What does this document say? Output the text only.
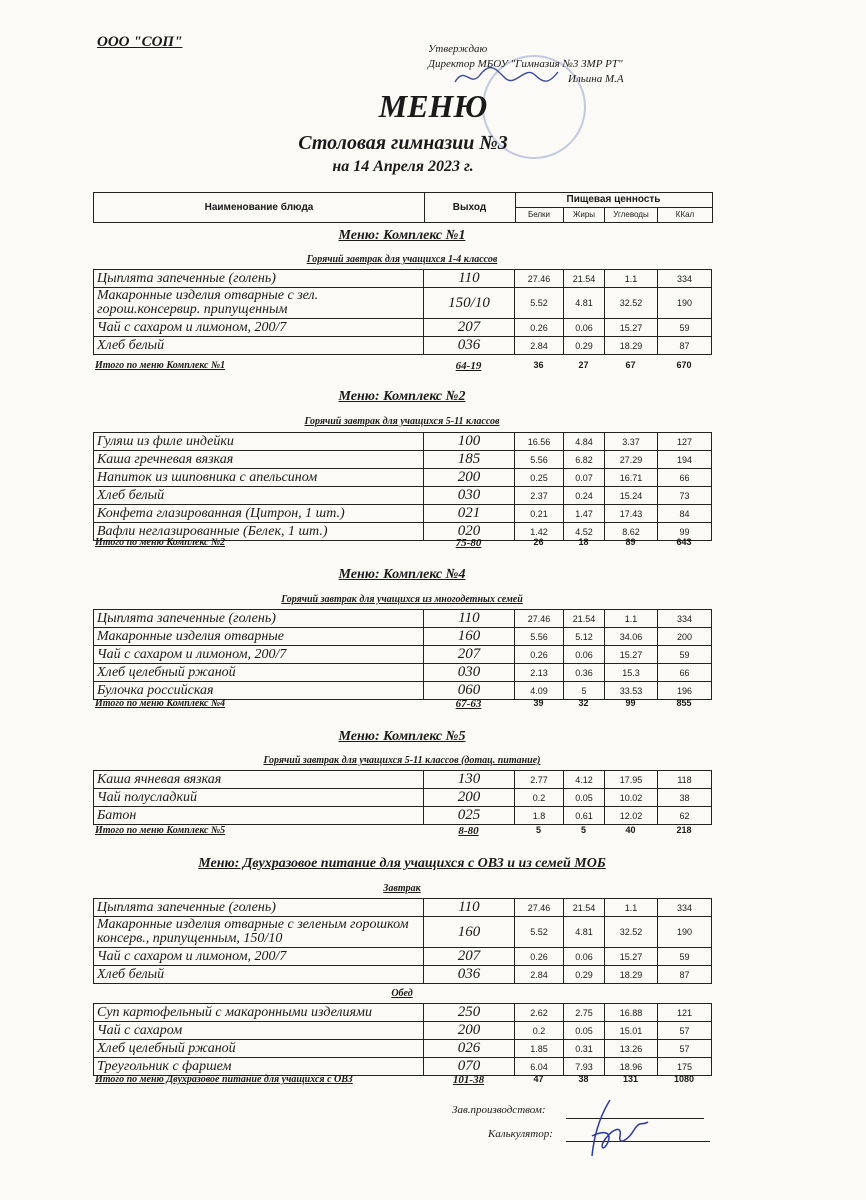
ООО "СОП"	Утверждаю
Директор МБОУ "Гимназия №3 ЗМР РТ"
Ильина М.А
МЕНЮ
Столовая гимназии №3
на 14 Апреля 2023 г.
Наименование блюда	Выход
Пищевая ценность
Белки	Жиры	Углеводы	ККал
Меню: Комплекс №1
Горячий завтрак для учащихся 1-4 классов
Цыплята запеченные (голень)	110	27.46	21.54	1.1	334
Макаронные изделия отварные с зел. горош.консервир. припущенным	150/10	5.52	4.81	32.52	190
Чай с сахаром и лимоном, 200/7	207	0.26	0.06	15.27	59
Хлеб белый	036	2.84	0.29	18.29	87
Итого по меню Комплекс №1	64-19	36	27	67	670
Меню: Комплекс №2
Горячий завтрак для учащихся 5-11 классов
Гуляш из филе индейки	100	16.56	4.84	3.37	127
Каша гречневая вязкая	185	5.56	6.82	27.29	194
Напиток из шиповника с апельсином	200	0.25	0.07	16.71	66
Хлеб белый	030	2.37	0.24	15.24	73
Конфета глазированная (Цитрон, 1 шт.)	021	0.21	1.47	17.43	84
Вафли неглазированные (Белек, 1 шт.)	020	1.42	4.52	8.62	99
Итого по меню Комплекс №2	75-80	26	18	89	643
Меню: Комплекс №4
Горячий завтрак для учащихся из многодетных семей
Цыплята запеченные (голень)	110	27.46	21.54	1.1	334
Макаронные изделия отварные	160	5.56	5.12	34.06	200
Чай с сахаром и лимоном, 200/7	207	0.26	0.06	15.27	59
Хлеб целебный ржаной	030	2.13	0.36	15.3	66
Булочка российская	060	4.09	5	33.53	196
Итого по меню Комплекс №4	67-63	39	32	99	855
Меню: Комплекс №5
Горячий завтрак для учащихся 5-11 классов (дотац. питание)
Каша ячневая вязкая	130	2.77	4.12	17.95	118
Чай полусладкий	200	0.2	0.05	10.02	38
Батон	025	1.8	0.61	12.02	62
Итого по меню Комплекс №5	8-80	5	5	40	218
Меню: Двухразовое питание для учащихся с ОВЗ и из семей МОБ
Завтрак
Цыплята запеченные (голень)	110	27.46	21.54	1.1	334
Макаронные изделия отварные с зеленым горошком консерв., припущенным, 150/10	160	5.52	4.81	32.52	190
Чай с сахаром и лимоном, 200/7	207	0.26	0.06	15.27	59
Хлеб белый	036	2.84	0.29	18.29	87
Обед
Суп картофельный с макаронными изделиями	250	2.62	2.75	16.88	121
Чай с сахаром	200	0.2	0.05	15.01	57
Хлеб целебный ржаной	026	1.85	0.31	13.26	57
Треугольник с фаршем	070	6.04	7.93	18.96	175
Итого по меню Двухразовое питание для учащихся с ОВЗ	101-38	47	38	131	1080
Зав.производством:
Калькулятор:
